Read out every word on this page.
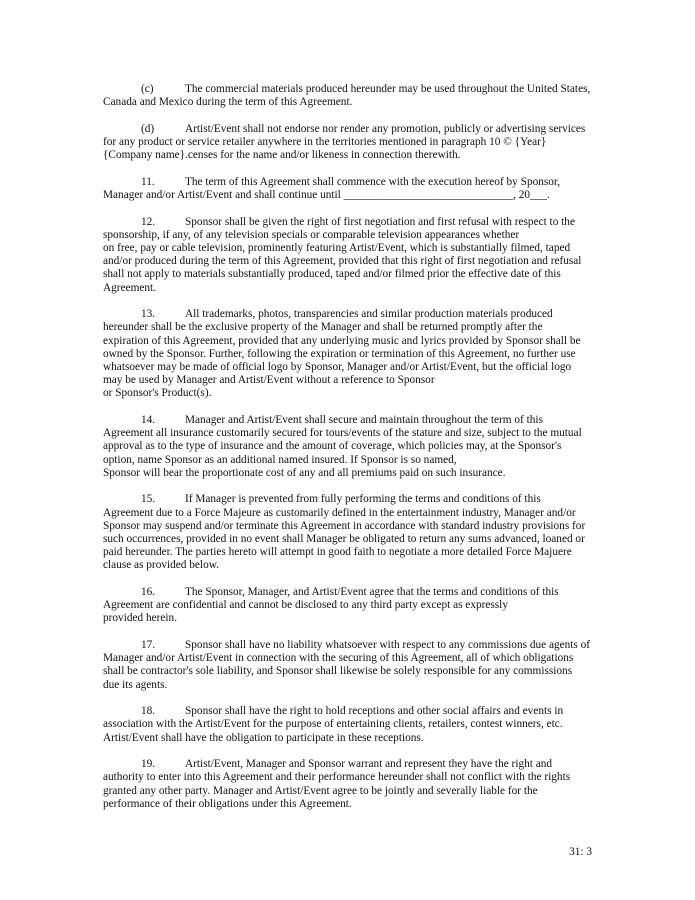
(c)	The commercial materials produced hereunder may be used throughout the United States,
Canada and Mexico during the term of this Agreement.
(d)	Artist/Event shall not endorse nor render any promotion, publicly or advertising services
for any product or service retailer anywhere in the territories mentioned in paragraph 10 © {Year}
{Company name}.censes for the name and/or likeness in connection therewith.
11.	The term of this Agreement shall commence with the execution hereof by Sponsor,
Manager and/or Artist/Event and shall continue until ______________________________, 20___.
12.	Sponsor shall be given the right of first negotiation and first refusal with respect to the
sponsorship, if any, of any television specials or comparable television appearances whether
on free, pay or cable television, prominently featuring Artist/Event, which is substantially filmed, taped
and/or produced during the term of this Agreement, provided that this right of first negotiation and refusal
shall not apply to materials substantially produced, taped and/or filmed prior the effective date of this
Agreement.
13.	All trademarks, photos, transparencies and similar production materials produced
hereunder shall be the exclusive property of the Manager and shall be returned promptly after the
expiration of this Agreement, provided that any underlying music and lyrics provided by Sponsor shall be
owned by the Sponsor. Further, following the expiration or termination of this Agreement, no further use
whatsoever may be made of official logo by Sponsor, Manager and/or Artist/Event, but the official logo
may be used by Manager and Artist/Event without a reference to Sponsor
or Sponsor's Product(s).
14.	Manager and Artist/Event shall secure and maintain throughout the term of this
Agreement all insurance customarily secured for tours/events of the stature and size, subject to the mutual
approval as to the type of insurance and the amount of coverage, which policies may, at the Sponsor's
option, name Sponsor as an additional named insured. If Sponsor is so named,
Sponsor will bear the proportionate cost of any and all premiums paid on such insurance.
15.	If Manager is prevented from fully performing the terms and conditions of this
Agreement due to a Force Majeure as customarily defined in the entertainment industry, Manager and/or
Sponsor may suspend and/or terminate this Agreement in accordance with standard industry provisions for
such occurrences, provided in no event shall Manager be obligated to return any sums advanced, loaned or
paid hereunder. The parties hereto will attempt in good faith to negotiate a more detailed Force Majuere
clause as provided below.
16.	The Sponsor, Manager, and Artist/Event agree that the terms and conditions of this
Agreement are confidential and cannot be disclosed to any third party except as expressly
provided herein.
17.	Sponsor shall have no liability whatsoever with respect to any commissions due agents of
Manager and/or Artist/Event in connection with the securing of this Agreement, all of which obligations
shall be contractor's sole liability, and Sponsor shall likewise be solely responsible for any commissions
due its agents.
18.	Sponsor shall have the right to hold receptions and other social affairs and events in
association with the Artist/Event for the purpose of entertaining clients, retailers, contest winners, etc.
Artist/Event shall have the obligation to participate in these receptions.
19.	Artist/Event, Manager and Sponsor warrant and represent they have the right and
authority to enter into this Agreement and their performance hereunder shall not conflict with the rights
granted any other party. Manager and Artist/Event agree to be jointly and severally liable for the
performance of their obligations under this Agreement.
31: 3
